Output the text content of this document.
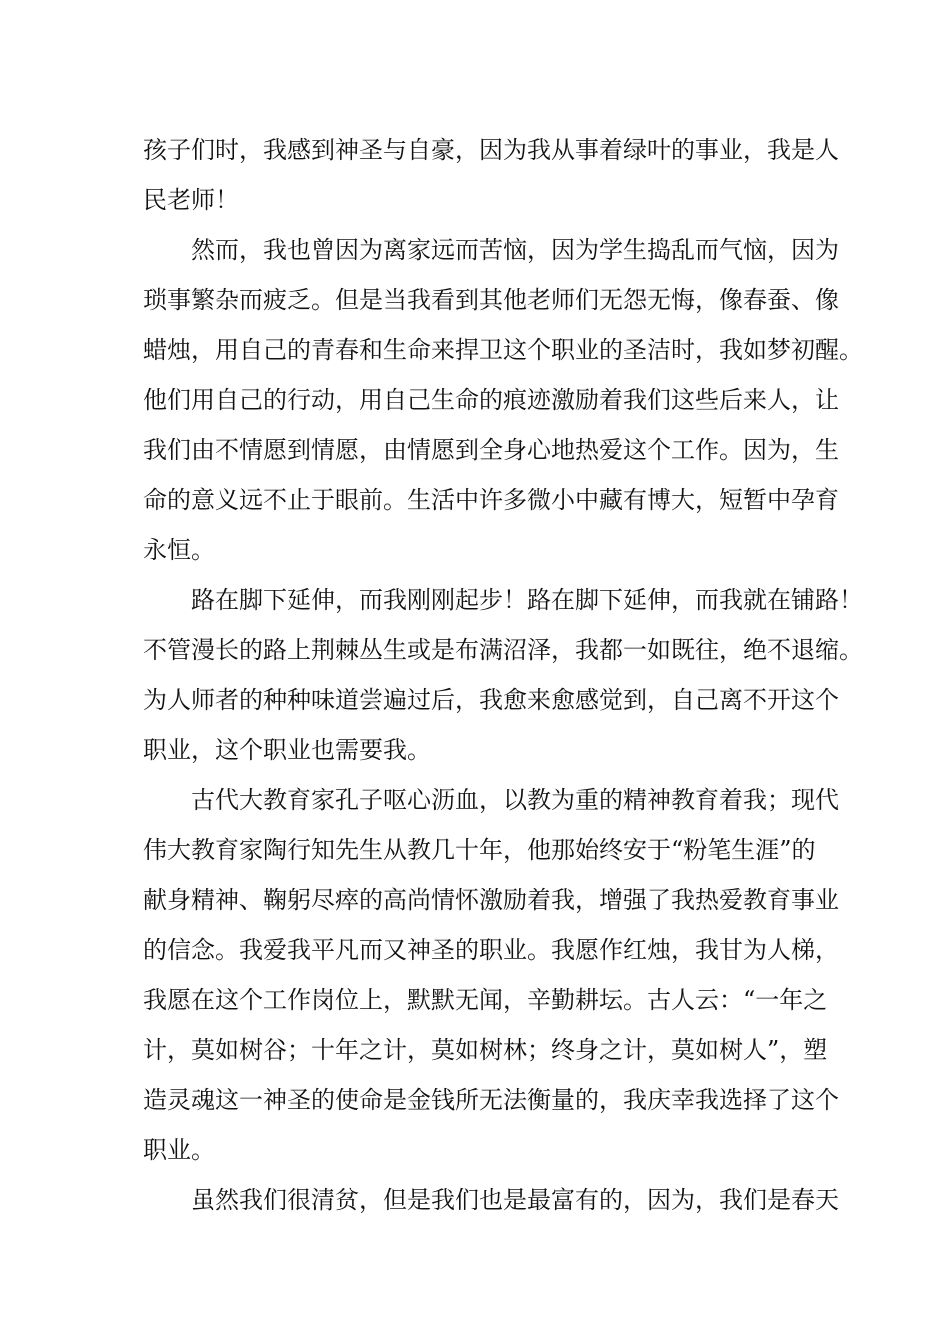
孩子们时，我感到神圣与自豪，因为我从事着绿叶的事业，我是人
民老师！
然而，我也曾因为离家远而苦恼，因为学生捣乱而气恼，因为
琐事繁杂而疲乏。但是当我看到其他老师们无怨无悔，像春蚕、像
蜡烛，用自己的青春和生命来捍卫这个职业的圣洁时，我如梦初醒。
他们用自己的行动，用自己生命的痕迹激励着我们这些后来人，让
我们由不情愿到情愿，由情愿到全身心地热爱这个工作。因为，生
命的意义远不止于眼前。生活中许多微小中藏有博大，短暂中孕育
永恒。
路在脚下延伸，而我刚刚起步！路在脚下延伸，而我就在铺路！
不管漫长的路上荆棘丛生或是布满沼泽，我都一如既往，绝不退缩。
为人师者的种种味道尝遍过后，我愈来愈感觉到，自己离不开这个
职业，这个职业也需要我。
古代大教育家孔子呕心沥血，以教为重的精神教育着我；现代
伟大教育家陶行知先生从教几十年，他那始终安于“粉笔生涯”的
献身精神、鞠躬尽瘁的高尚情怀激励着我，增强了我热爱教育事业
的信念。我爱我平凡而又神圣的职业。我愿作红烛，我甘为人梯，
我愿在这个工作岗位上，默默无闻，辛勤耕坛。古人云：“一年之
计，莫如树谷；十年之计，莫如树林；终身之计，莫如树人”，塑
造灵魂这一神圣的使命是金钱所无法衡量的，我庆幸我选择了这个
职业。
虽然我们很清贫，但是我们也是最富有的，因为，我们是春天
